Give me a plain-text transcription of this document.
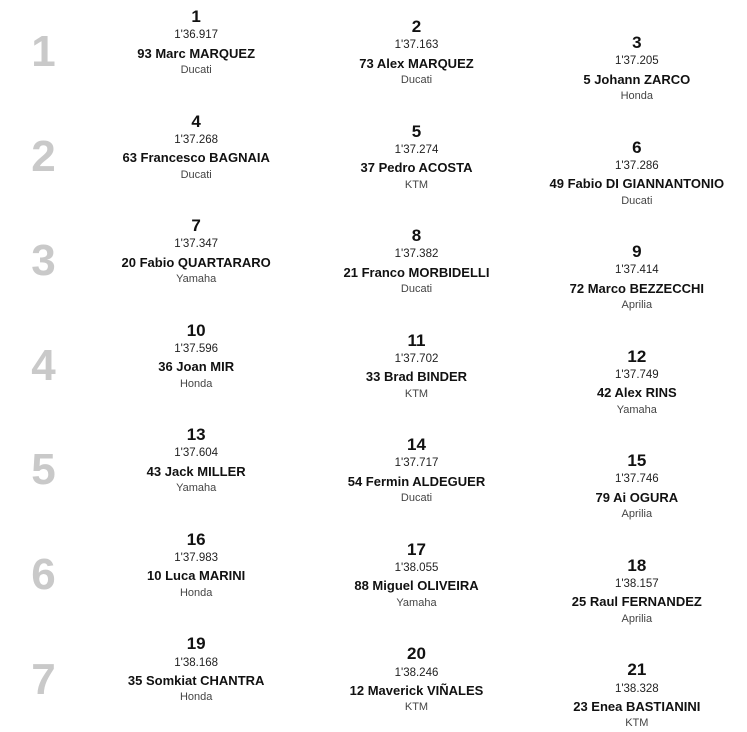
1
1
1'36.917
93 Marc MARQUEZ
Ducati
2
1'37.163
73 Alex MARQUEZ
Ducati
3
1'37.205
5 Johann ZARCO
Honda
2
4
1'37.268
63 Francesco BAGNAIA
Ducati
5
1'37.274
37 Pedro ACOSTA
KTM
6
1'37.286
49 Fabio DI GIANNANTONIO
Ducati
3
7
1'37.347
20 Fabio QUARTARARO
Yamaha
8
1'37.382
21 Franco MORBIDELLI
Ducati
9
1'37.414
72 Marco BEZZECCHI
Aprilia
4
10
1'37.596
36 Joan MIR
Honda
11
1'37.702
33 Brad BINDER
KTM
12
1'37.749
42 Alex RINS
Yamaha
5
13
1'37.604
43 Jack MILLER
Yamaha
14
1'37.717
54 Fermin ALDEGUER
Ducati
15
1'37.746
79 Ai OGURA
Aprilia
6
16
1'37.983
10 Luca MARINI
Honda
17
1'38.055
88 Miguel OLIVEIRA
Yamaha
18
1'38.157
25 Raul FERNANDEZ
Aprilia
7
19
1'38.168
35 Somkiat CHANTRA
Honda
20
1'38.246
12 Maverick VIÑALES
KTM
21
1'38.328
23 Enea BASTIANINI
KTM
